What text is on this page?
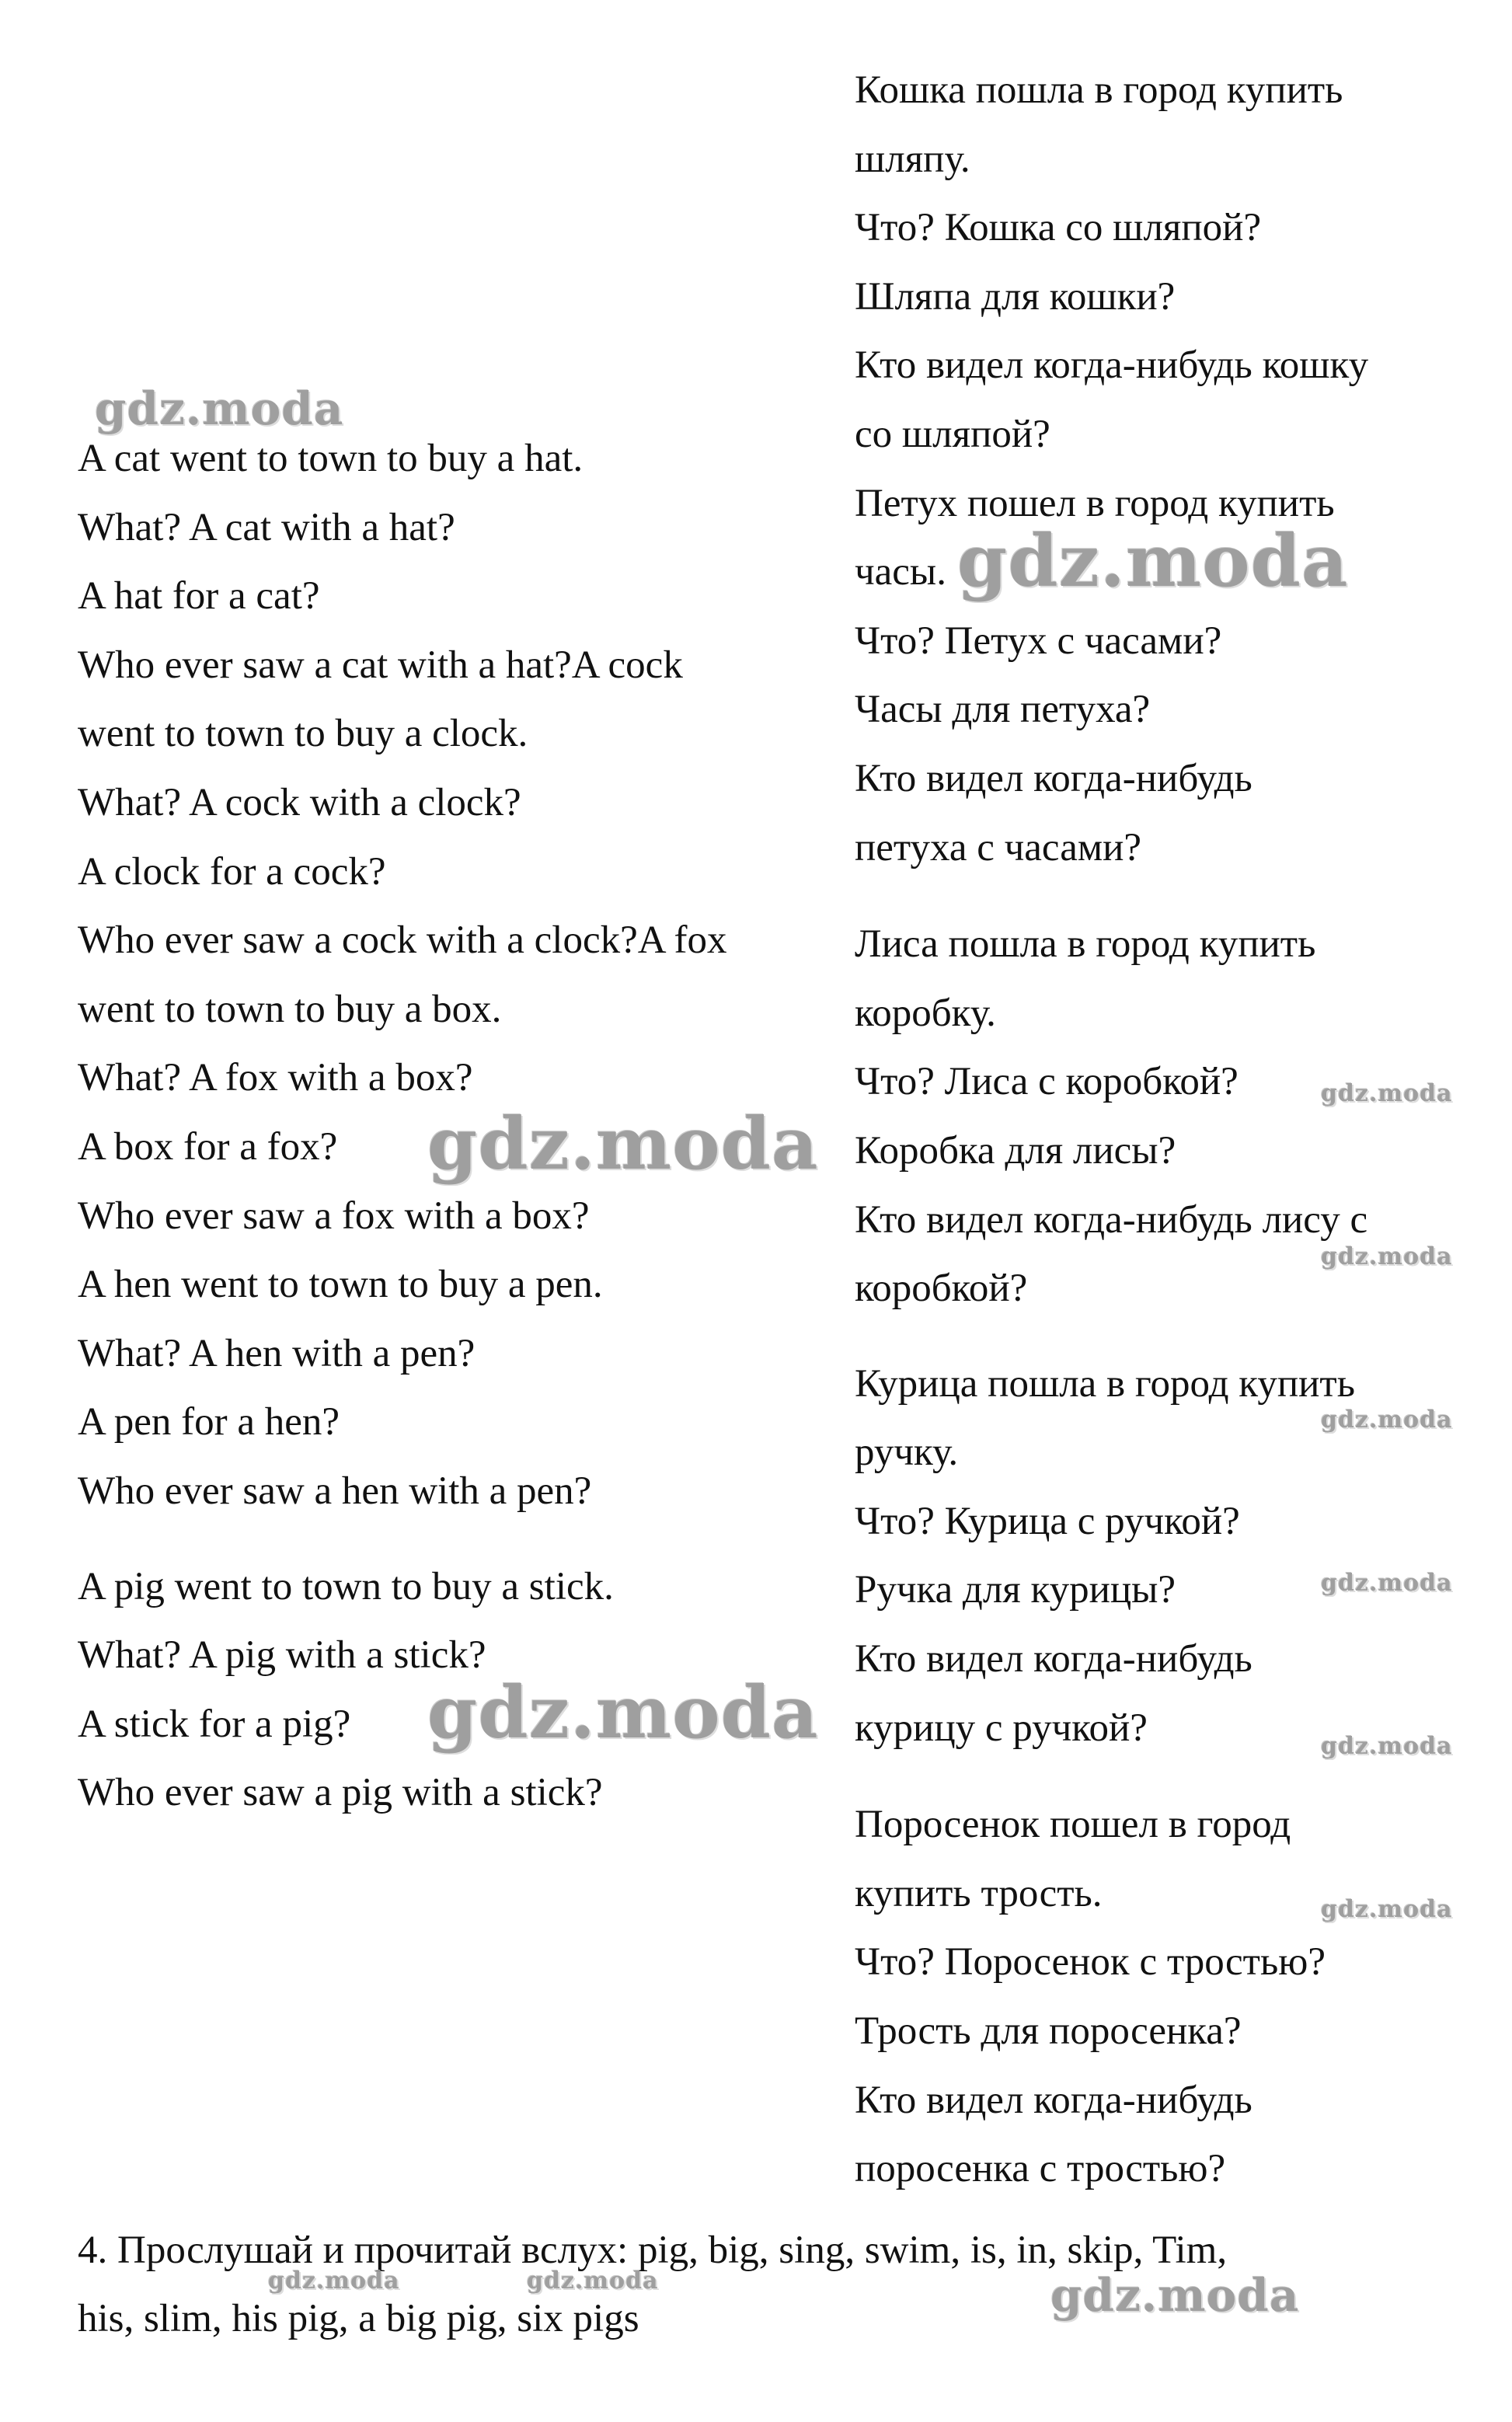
A cat went to town to buy a hat.
What? A cat with a hat?
A hat for a cat?
Who ever saw a cat with a hat?A cock
went to town to buy a clock.
What? A cock with a clock?
A clock for a cock?
Who ever saw a cock with a clock?A fox
went to town to buy a box.
What? A fox with a box?
A box for a fox?
Who ever saw a fox with a box?
A hen went to town to buy a pen.
What? A hen with a pen?
A pen for a hen?
Who ever saw a hen with a pen?
A pig went to town to buy a stick.
What? A pig with a stick?
A stick for a pig?
Who ever saw a pig with a stick?
Кошка пошла в город купить
шляпу.
Что? Кошка со шляпой?
Шляпа для кошки?
Кто видел когда-нибудь кошку
со шляпой?
Петух пошел в город купить
часы.
Что? Петух с часами?
Часы для петуха?
Кто видел когда-нибудь
петуха с часами?
Лиса пошла в город купить
коробку.
Что? Лиса с коробкой?
Коробка для лисы?
Кто видел когда-нибудь лису с
коробкой?
Курица пошла в город купить
ручку.
Что? Курица с ручкой?
Ручка для курицы?
Кто видел когда-нибудь
курицу с ручкой?
Поросенок пошел в город
купить трость.
Что? Поросенок с тростью?
Трость для поросенка?
Кто видел когда-нибудь
поросенка с тростью?
4. Прослушай и прочитай вслух: pig, big, sing, swim, is, in, skip, Tim,
his, slim, his pig, a big pig, six pigs
gdz.moda
gdz.moda
gdz.moda
gdz.moda
gdz.moda
gdz.moda
gdz.moda
gdz.moda
gdz.moda
gdz.moda
gdz.moda	gdz.moda	gdz.moda
